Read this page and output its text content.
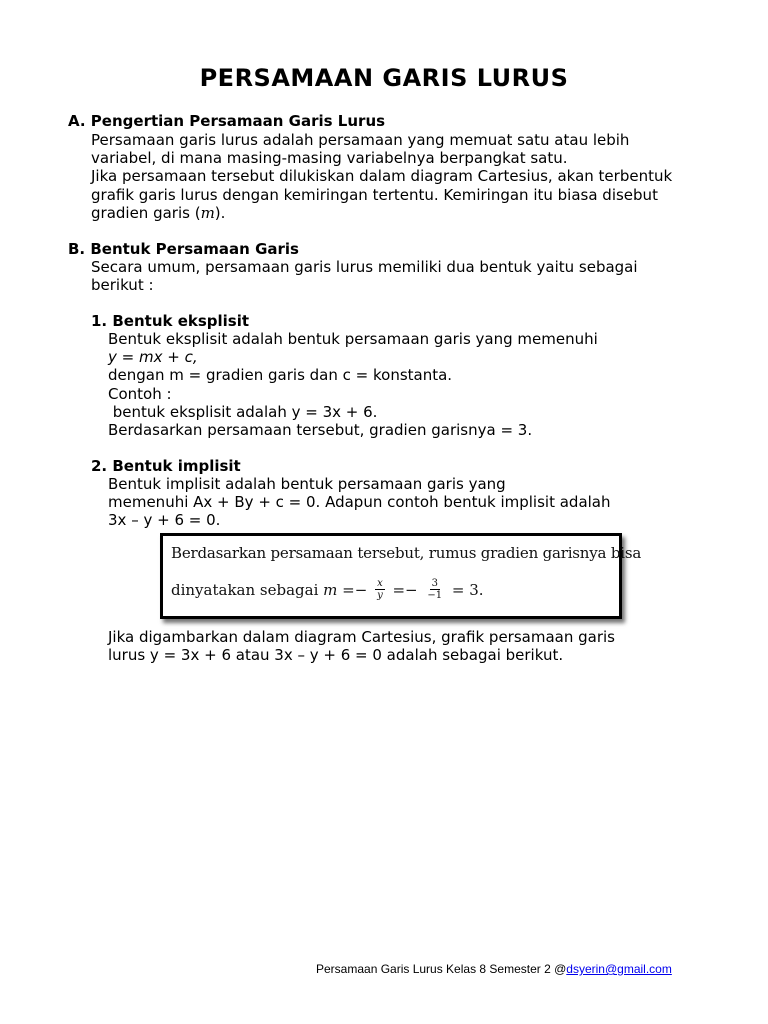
PERSAMAAN GARIS LURUS
A. Pengertian Persamaan Garis Lurus
Persamaan garis lurus adalah persamaan yang memuat satu atau lebih
variabel, di mana masing-masing variabelnya berpangkat satu.
Jika persamaan tersebut dilukiskan dalam diagram Cartesius, akan terbentuk
grafik garis lurus dengan kemiringan tertentu. Kemiringan itu biasa disebut
gradien garis (m).
B. Bentuk Persamaan Garis
Secara umum, persamaan garis lurus memiliki dua bentuk yaitu sebagai
berikut :
1. Bentuk eksplisit
Bentuk eksplisit adalah bentuk persamaan garis yang memenuhi
y = mx + c,
dengan m = gradien garis dan c = konstanta.
Contoh :
bentuk eksplisit adalah y = 3x + 6.
Berdasarkan persamaan tersebut, gradien garisnya = 3.
2. Bentuk implisit
Bentuk implisit adalah bentuk persamaan garis yang
memenuhi Ax + By + c = 0. Adapun contoh bentuk implisit adalah
3x – y + 6 = 0.
Berdasarkan persamaan tersebut, rumus gradien garisnya bisa
dinyatakan sebagai $m =- \frac{x}{y} =- \frac{3}{-1} = 3$.
Jika digambarkan dalam diagram Cartesius, grafik persamaan garis
lurus y = 3x + 6 atau 3x – y + 6 = 0 adalah sebagai berikut.
Persamaan Garis Lurus Kelas 8 Semester 2 @dsyerin@gmail.com
